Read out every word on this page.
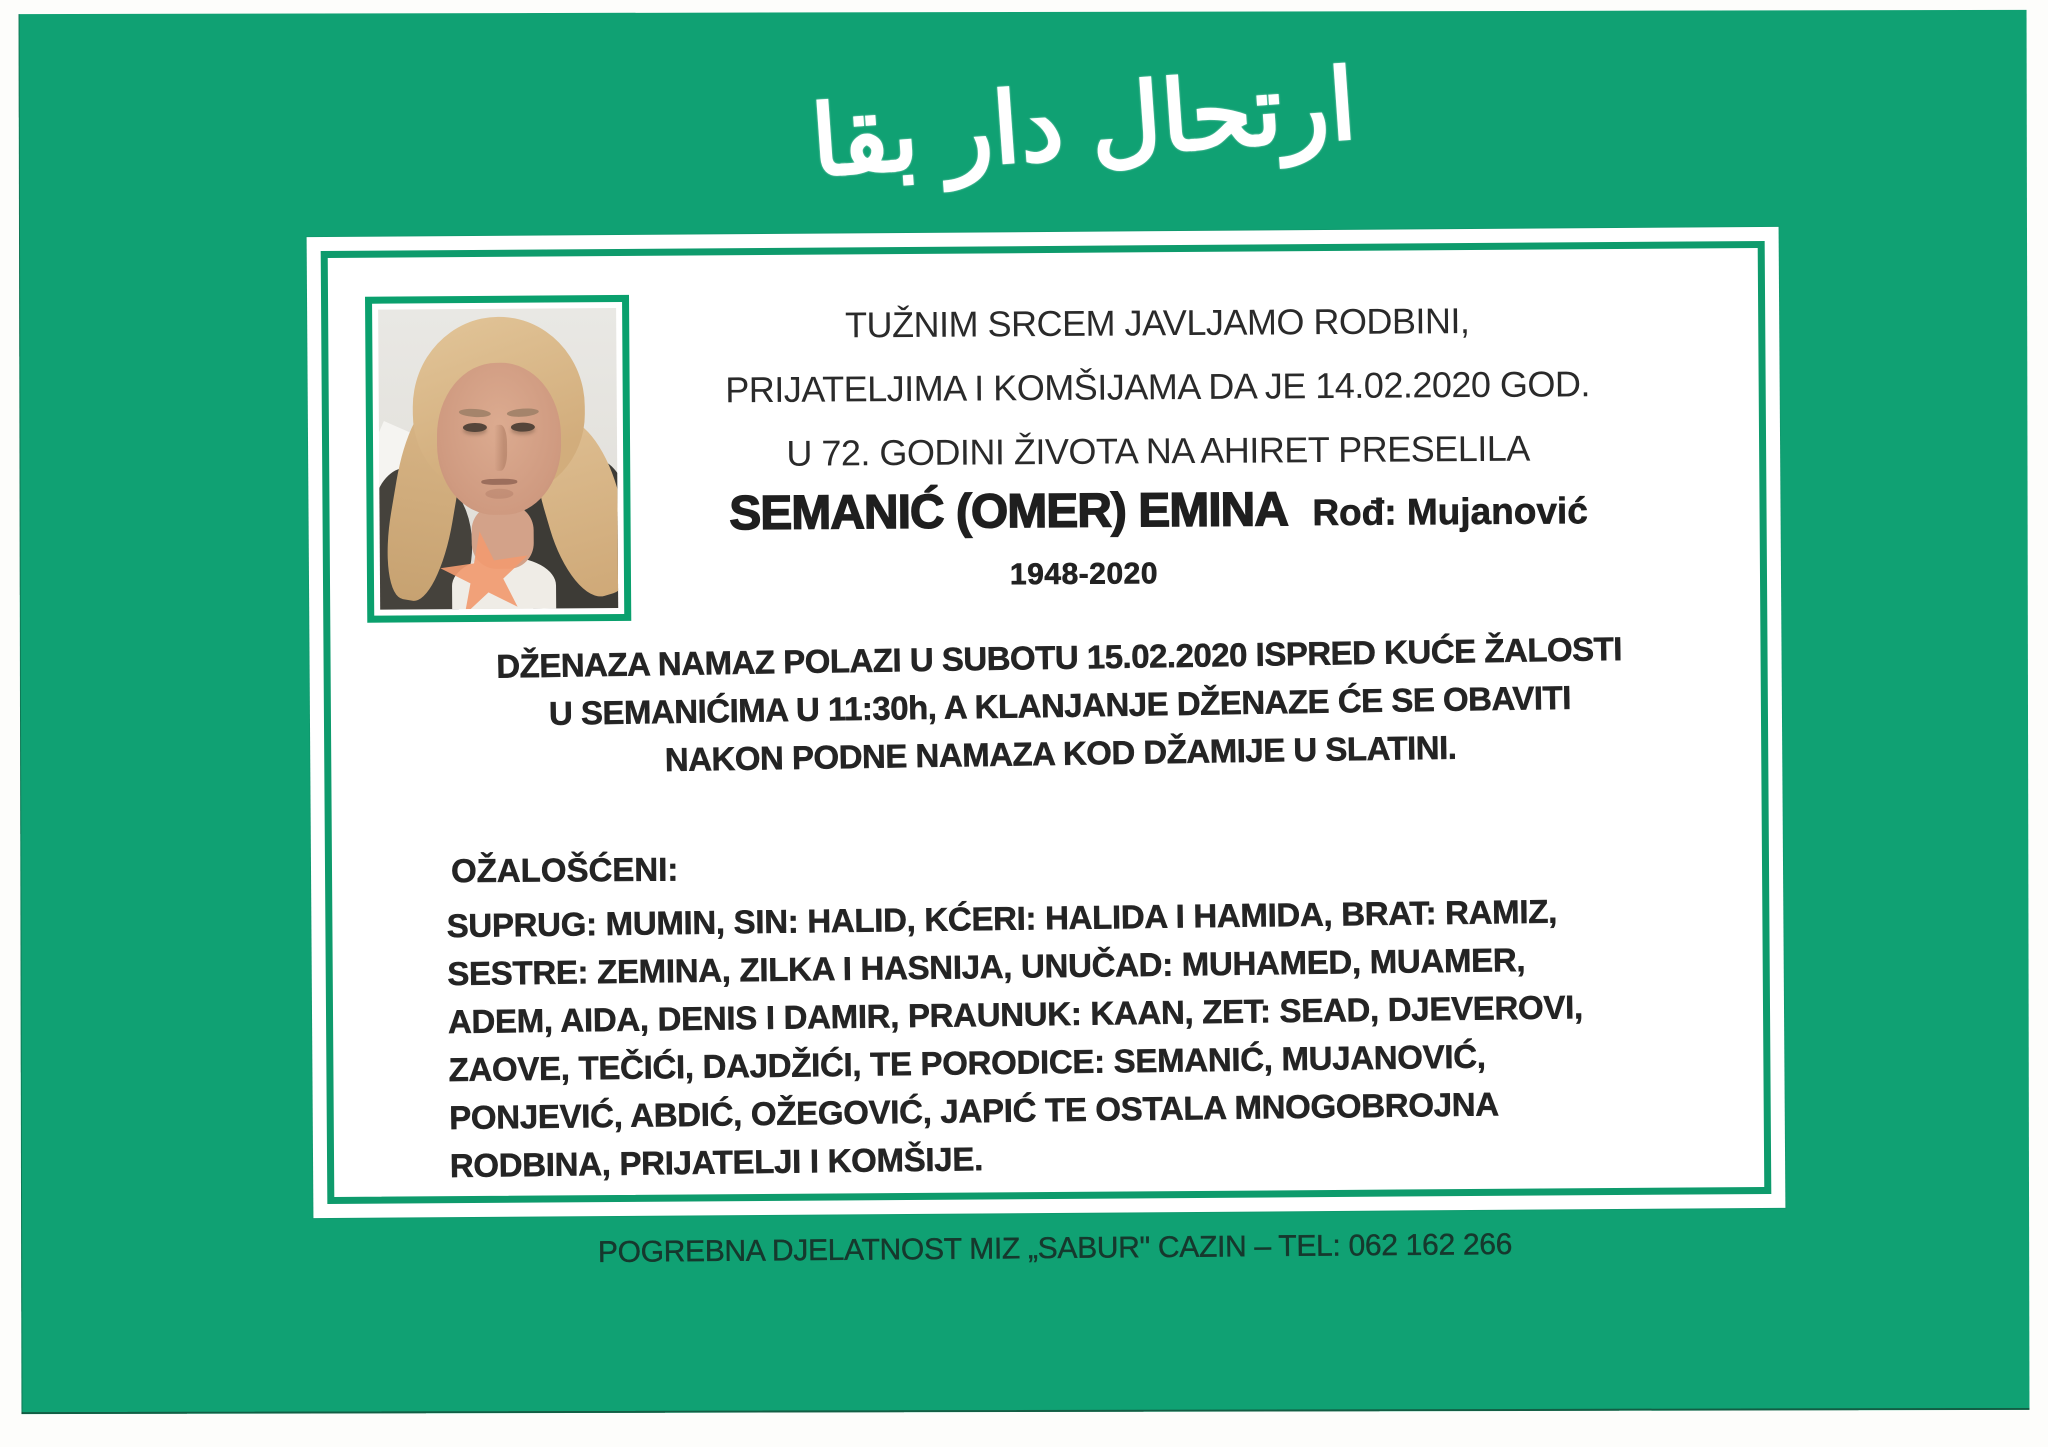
ارتحال دار بقا
TUŽNIM SRCEM JAVLJAMO RODBINI,
PRIJATELJIMA I KOMŠIJAMA DA JE 14.02.2020 GOD.
U 72. GODINI ŽIVOTA NA AHIRET PRESELILA
SEMANIĆ (OMER) EMINA Rođ: Mujanović
1948-2020
DŽENAZA NAMAZ POLAZI U SUBOTU 15.02.2020 ISPRED KUĆE ŽALOSTI
U SEMANIĆIMA U 11:30h, A KLANJANJE DŽENAZE ĆE SE OBAVITI
NAKON PODNE NAMAZA KOD DŽAMIJE U SLATINI.
OŽALOŠĆENI:
SUPRUG: MUMIN, SIN: HALID, KĆERI: HALIDA I HAMIDA, BRAT: RAMIZ,
SESTRE: ZEMINA, ZILKA I HASNIJA, UNUČAD: MUHAMED, MUAMER,
ADEM, AIDA, DENIS I DAMIR, PRAUNUK: KAAN, ZET: SEAD, DJEVEROVI,
ZAOVE, TEČIĆI, DAJDŽIĆI, TE PORODICE: SEMANIĆ, MUJANOVIĆ,
PONJEVIĆ, ABDIĆ, OŽEGOVIĆ, JAPIĆ TE OSTALA MNOGOBROJNA
RODBINA, PRIJATELJI I KOMŠIJE.
POGREBNA DJELATNOST MIZ „SABUR" CAZIN – TEL: 062 162 266
